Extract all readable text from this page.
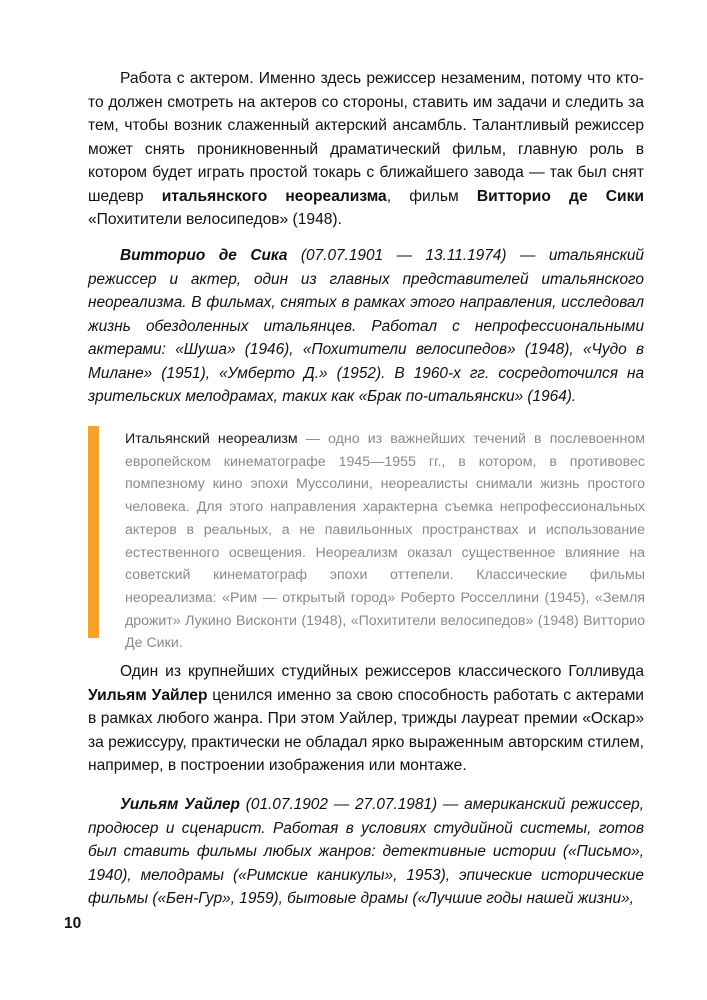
Работа с актером. Именно здесь режиссер незаменим, потому что кто-то должен смотреть на актеров со стороны, ставить им задачи и следить за тем, чтобы возник слаженный актерский ансамбль. Талантливый режиссер может снять проникновенный драматический фильм, главную роль в котором будет играть простой токарь с ближайшего завода — так был снят шедевр итальянского неореализма, фильм Витторио де Сики «Похитители велосипедов» (1948).

Витторио де Сика (07.07.1901 — 13.11.1974) — итальянский режиссер и актер, один из главных представителей итальянского неореализма. В фильмах, снятых в рамках этого направления, исследовал жизнь обездоленных итальянцев. Работал с непрофессиональными актерами: «Шуша» (1946), «Похитители велосипедов» (1948), «Чудо в Милане» (1951), «Умберто Д.» (1952). В 1960-х гг. сосредоточился на зрительских мелодрамах, таких как «Брак по-итальянски» (1964).

Итальянский неореализм — одно из важнейших течений в послевоенном европейском кинематографе 1945—1955 гг., в котором, в противовес помпезному кино эпохи Муссолини, неореалисты снимали жизнь простого человека. Для этого направления характерна съемка непрофессиональных актеров в реальных, а не павильонных пространствах и использование естественного освещения. Неореализм оказал существенное влияние на советский кинематограф эпохи оттепели. Классические фильмы неореализма: «Рим — открытый город» Роберто Росселлини (1945), «Земля дрожит» Лукино Висконти (1948), «Похитители велосипедов» (1948) Витторио Де Сики.

Один из крупнейших студийных режиссеров классического Голливуда Уильям Уайлер ценился именно за свою способность работать с актерами в рамках любого жанра. При этом Уайлер, трижды лауреат премии «Оскар» за режиссуру, практически не обладал ярко выраженным авторским стилем, например, в построении изображения или монтаже.

Уильям Уайлер (01.07.1902 — 27.07.1981) — американский режиссер, продюсер и сценарист. Работая в условиях студийной системы, готов был ставить фильмы любых жанров: детективные истории («Письмо», 1940), мелодрамы («Римские каникулы», 1953), эпические исторические фильмы («Бен-Гур», 1959), бытовые драмы («Лучшие годы нашей жизни»,

10
